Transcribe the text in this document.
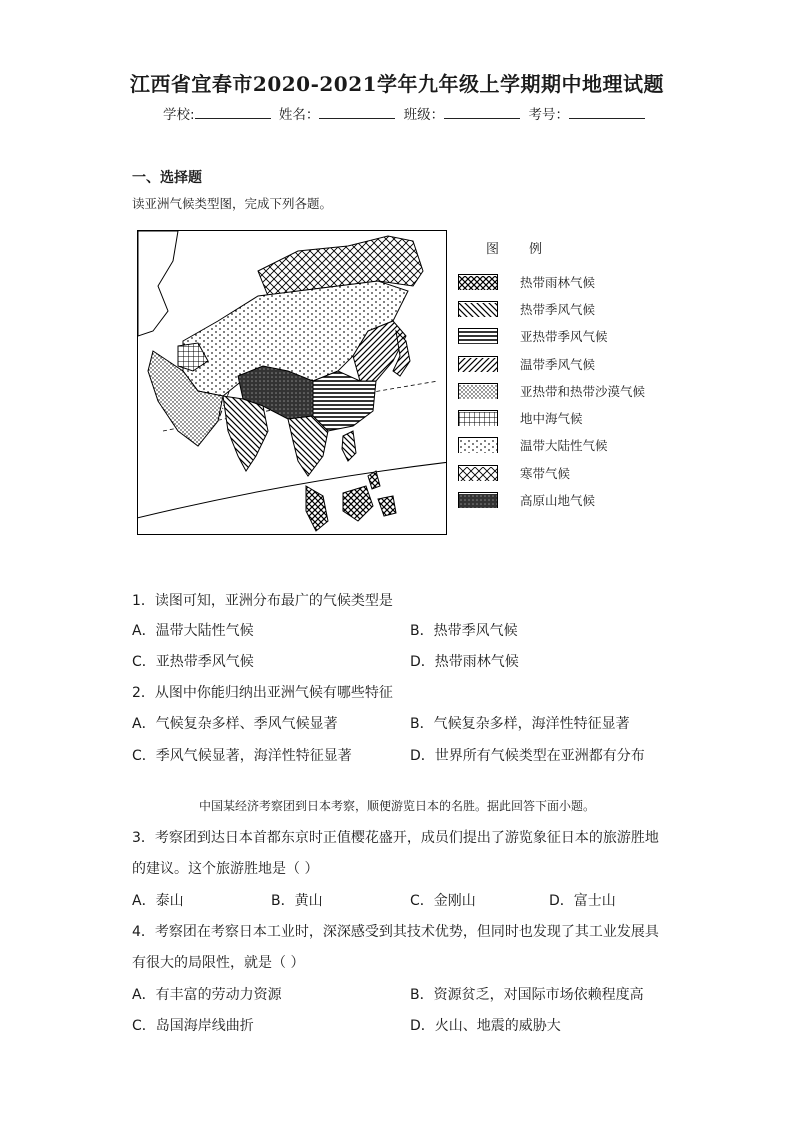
江西省宜春市2020-2021学年九年级上学期期中地理试题
学校:	姓名：	班级：	考号：
一、选择题
读亚洲气候类型图，完成下列各题。
图例
热带雨林气候
热带季风气候
亚热带季风气候
温带季风气候
亚热带和热带沙漠气候
地中海气候
温带大陆性气候
寒带气候
高原山地气候
1．读图可知，亚洲分布最广的气候类型是
A．温带大陆性气候	B．热带季风气候
C．亚热带季风气候	D．热带雨林气候
2．从图中你能归纳出亚洲气候有哪些特征
A．气候复杂多样、季风气候显著	B．气候复杂多样，海洋性特征显著
C．季风气候显著，海洋性特征显著	D．世界所有气候类型在亚洲都有分布
中国某经济考察团到日本考察，顺便游览日本的名胜。据此回答下面小题。
3．考察团到达日本首都东京时正值樱花盛开，成员们提出了游览象征日本的旅游胜地
的建议。这个旅游胜地是（ ）
A．泰山	B．黄山	C．金刚山	D．富士山
4．考察团在考察日本工业时，深深感受到其技术优势，但同时也发现了其工业发展具
有很大的局限性，就是（ ）
A．有丰富的劳动力资源	B．资源贫乏，对国际市场依赖程度高
C．岛国海岸线曲折	D．火山、地震的威胁大
